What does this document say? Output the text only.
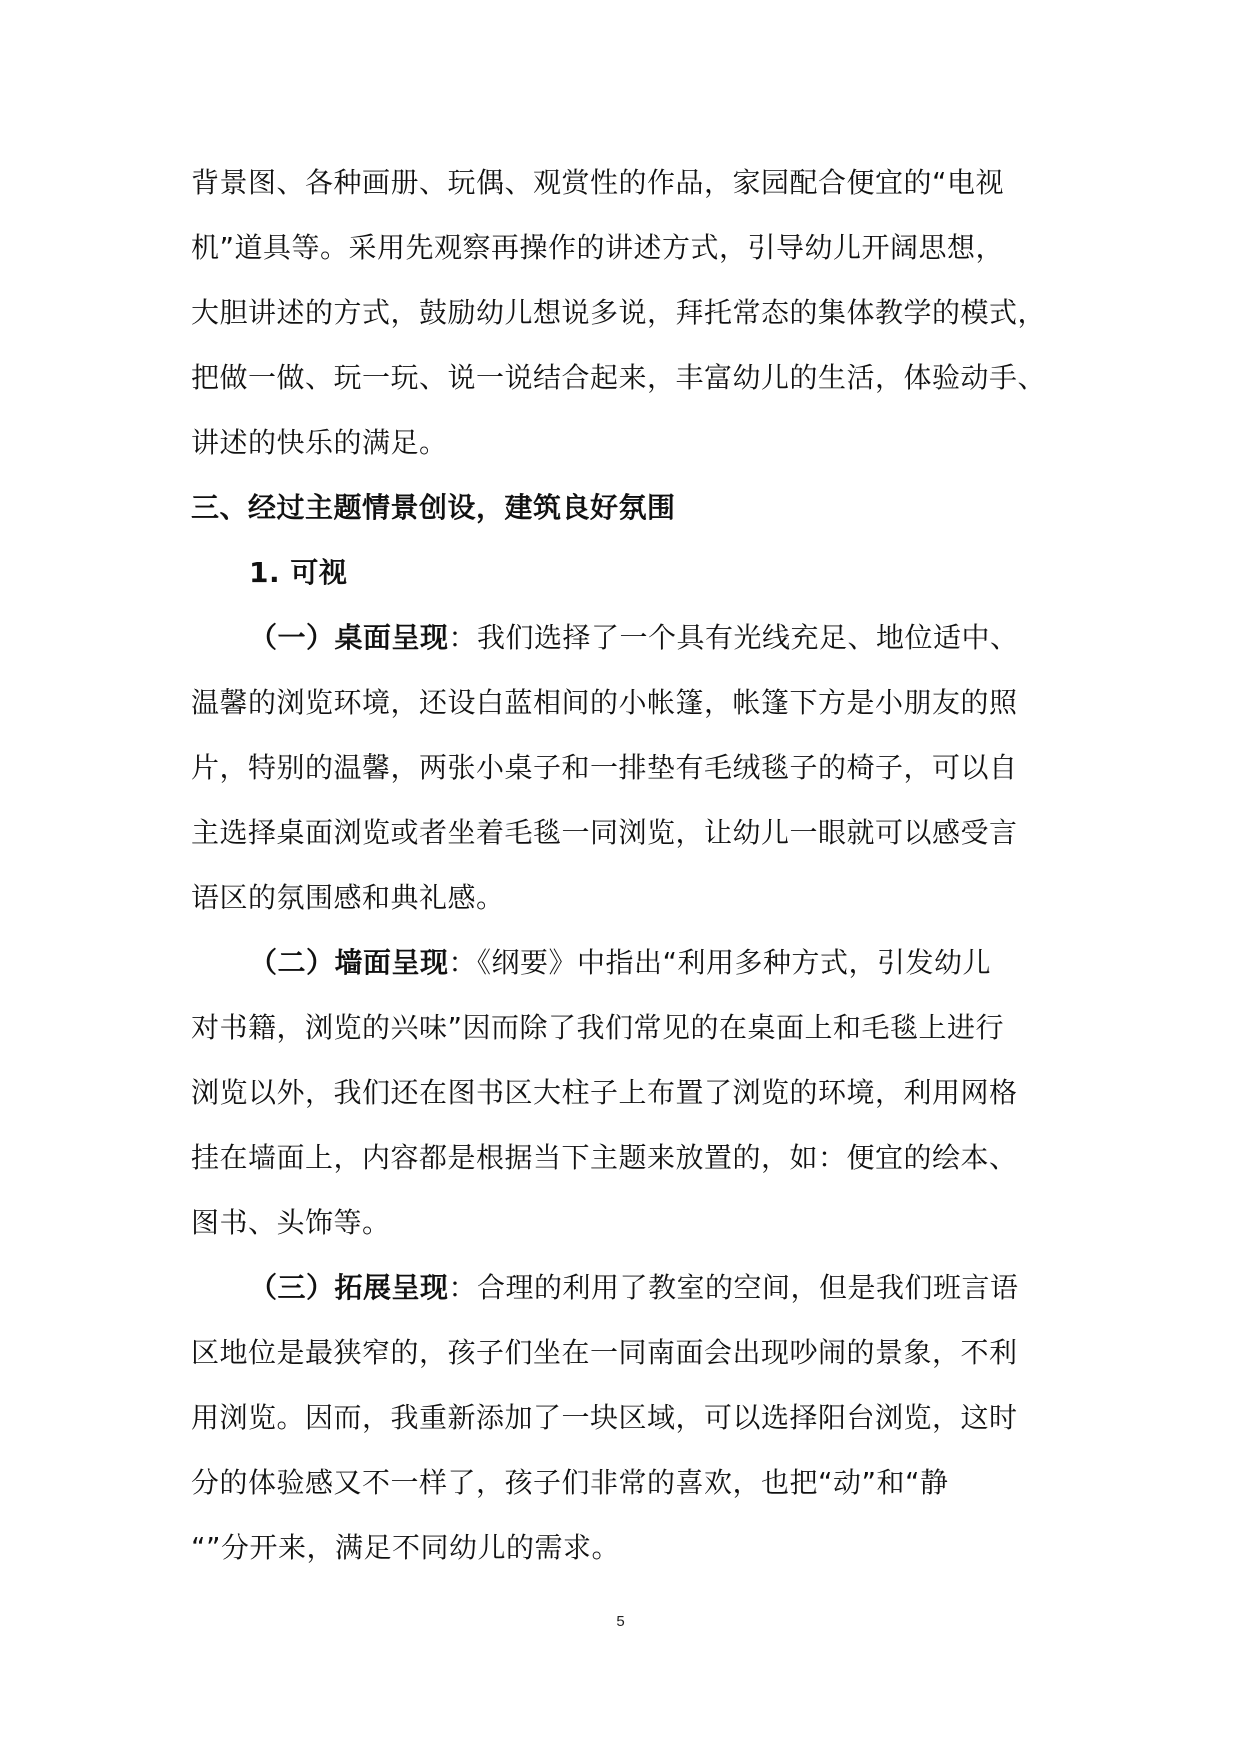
背景图、各种画册、玩偶、观赏性的作品，家园配合便宜的“电视
机”道具等。采用先观察再操作的讲述方式，引导幼儿开阔思想，
大胆讲述的方式，鼓励幼儿想说多说，拜托常态的集体教学的模式，
把做一做、玩一玩、说一说结合起来，丰富幼儿的生活，体验动手、
讲述的快乐的满足。
三、经过主题情景创设，建筑良好氛围
1. 可视
（一）桌面呈现：我们选择了一个具有光线充足、地位适中、
温馨的浏览环境，还设白蓝相间的小帐篷，帐篷下方是小朋友的照
片，特别的温馨，两张小桌子和一排垫有毛绒毯子的椅子，可以自
主选择桌面浏览或者坐着毛毯一同浏览，让幼儿一眼就可以感受言
语区的氛围感和典礼感。
（二）墙面呈现：《纲要》中指出“利用多种方式，引发幼儿
对书籍，浏览的兴味”因而除了我们常见的在桌面上和毛毯上进行
浏览以外，我们还在图书区大柱子上布置了浏览的环境，利用网格
挂在墙面上，内容都是根据当下主题来放置的，如：便宜的绘本、
图书、头饰等。
（三）拓展呈现：合理的利用了教室的空间，但是我们班言语
区地位是最狭窄的，孩子们坐在一同南面会出现吵闹的景象，不利
用浏览。因而，我重新添加了一块区域，可以选择阳台浏览，这时
分的体验感又不一样了，孩子们非常的喜欢，也把“动”和“静
“”分开来，满足不同幼儿的需求。
5
